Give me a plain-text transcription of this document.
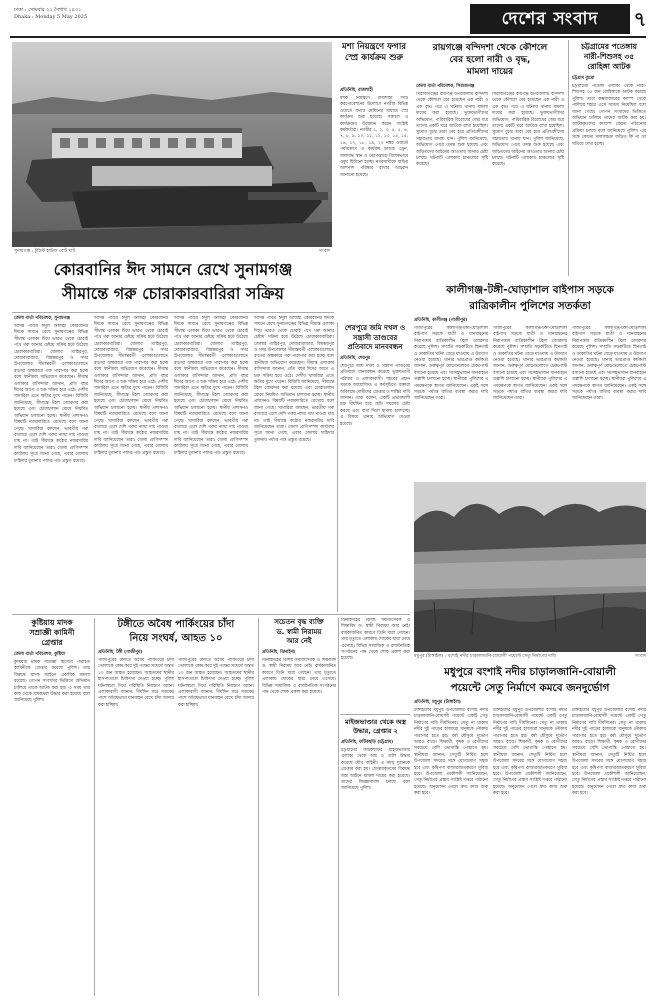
ঢাকা : সোমবার ২২ বৈশাখ ১৪৩২
Dhaka : Monday 5 May 2025	দেশের সংবাদ	৭
সুনামগঞ্জ : টুরিস্ট হাউজ বোট ঘাট	সংবাদ
মশা নিয়ন্ত্রণে ফগার স্প্রে কার্যক্রম শুরু
প্রতিনিধি, রাজশাহী
মশক নিয়ন্ত্রণে রাজশাহী সিটি করপোরেশনের উদ্যোগে নগরীর বিভিন্ন ওয়ার্ডে ফগার মেশিনের মাধ্যমে স্প্রে কার্যক্রম শুরু হয়েছে। সকালে এ কার্যক্রমের উদ্বোধন করেন সংশ্লিষ্ট কর্মকর্তারা। নগরীর ১, ২, ৩, ৪, ৫, ৬, ৭, ৮, ৯, ১০, ১১, ১২, ১৩, ১৪, ১৫, ১৬, ১৭, ১৮, ১৯, ২০ নম্বর ওয়ার্ডে পর্যায়ক্রমে এ কার্যক্রম চলবে। ড্রেন, জলাবদ্ধ স্থান ও ঝোপঝাড়ে বিশেষভাবে ওষুধ ছিটানো হচ্ছে। নগরবাসীকে বাড়ির আশপাশ পরিষ্কার রাখার আহ্বান জানানো হয়েছে।
রায়গঞ্জে বন্দিদশা থেকে কৌশলে
বের হলো নারী ও বৃদ্ধ,
মামলা দায়ের
জেলা বার্তা পরিবেশক, সিরাজগঞ্জ
সিরাজগঞ্জের রায়গঞ্জ উপজেলায় বন্দিদশা থেকে কৌশলে বের হয়েছেন এক নারী ও এক বৃদ্ধ। পরে এ ঘটনায় থানায় মামলা দায়ের করা হয়েছে। ভুক্তভোগীদের অভিযোগ, পারিবারিক বিরোধের জের ধরে তাদের একটি ঘরে আটকে রাখা হয়েছিল। সুযোগ বুঝে তারা বের হয়ে প্রতিবেশীদের সহায়তায় থানায় যান। পুলিশ জানিয়েছে, অভিযোগ পেয়ে তদন্ত শুরু হয়েছে এবং জড়িতদের আইনের আওতায় আনার চেষ্টা চলছে। ঘটনাটি এলাকায় চাঞ্চল্যের সৃষ্টি করেছে।
সিরাজগঞ্জের রায়গঞ্জ উপজেলায় বন্দিদশা থেকে কৌশলে বের হয়েছেন এক নারী ও এক বৃদ্ধ। পরে এ ঘটনায় থানায় মামলা দায়ের করা হয়েছে। ভুক্তভোগীদের অভিযোগ, পারিবারিক বিরোধের জের ধরে তাদের একটি ঘরে আটকে রাখা হয়েছিল। সুযোগ বুঝে তারা বের হয়ে প্রতিবেশীদের সহায়তায় থানায় যান। পুলিশ জানিয়েছে, অভিযোগ পেয়ে তদন্ত শুরু হয়েছে এবং জড়িতদের আইনের আওতায় আনার চেষ্টা চলছে। ঘটনাটি এলাকায় চাঞ্চল্যের সৃষ্টি করেছে।
চট্টগ্রামের পতেঙ্গায়
নারী-শিশুসহ ৩৫
রোহিঙ্গা আটক
চট্টগ্রাম ব্যুরো
চট্টগ্রামের পতেঙ্গা এলাকা থেকে নারী-শিশুসহ ৩৫ জন রোহিঙ্গাকে আটক করেছে পুলিশ। তারা কক্সবাজারের ক্যাম্প থেকে পালিয়ে শহরে এসে আশ্রয় নিয়েছিল বলে জানা গেছে। গোপন সংবাদের ভিত্তিতে অভিযান চালিয়ে তাদের আটক করা হয়। আটককৃতদের ক্যাম্পে ফেরত পাঠানোর প্রক্রিয়া চলছে বলে জানিয়েছে পুলিশ। এর সঙ্গে কোনো দালালচক্র জড়িত কি না তা খতিয়ে দেখা হচ্ছে।
কোরবানির ঈদ সামনে রেখে সুনামগঞ্জ
সীমান্তে গরু চোরাকারবারিরা সক্রিয়
জেলা বার্তা পরিবেশক, সুনামগঞ্জ
আসন্ন পবিত্র ঈদুল আজহা কোরবানির ঈদকে সামনে রেখে সুনামগঞ্জের বিভিন্ন সীমান্ত এলাকা দিয়ে ভারত থেকে চোরাই পথে গরু আনার চেষ্টায় সক্রিয় হয়ে উঠেছে চোরাকারবারিরা। জেলার তাহিরপুর, দোয়ারাবাজার, বিশ্বম্ভরপুর ও সদর উপজেলার সীমান্তবর্তী এলাকাগুলোতে রাতের অন্ধকারে গরু পারাপার করা হচ্ছে বলে স্থানীয়রা অভিযোগ করেছেন। সীমান্ত এলাকার বাসিন্দারা জানান, প্রতি বছর ঈদের আগে এ চক্র সক্রিয় হয়ে ওঠে। দেশীয় খামারিরা এতে ক্ষতির মুখে পড়েন। বিজিবি জানিয়েছে, সীমান্তে টহল জোরদার করা হয়েছে এবং চোরাচালান রোধে নিয়মিত অভিযান চালানো হচ্ছে। স্থানীয় প্রশাসনও বিষয়টি নজরদারিতে রেখেছে বলে জানা গেছে। খামারিরা বলছেন, ভারতীয় গরু বাজারে এলে দেশি গরুর ন্যায্য দাম পাওয়া যায় না। তাই সীমান্তে কঠোর নজরদারির দাবি জানিয়েছেন তারা। জেলা প্রাণিসম্পদ কার্যালয় সূত্রে জানা গেছে, এবার জেলায় চাহিদার তুলনায় পর্যাপ্ত পশু প্রস্তুত রয়েছে।
আসন্ন পবিত্র ঈদুল আজহা কোরবানির ঈদকে সামনে রেখে সুনামগঞ্জের বিভিন্ন সীমান্ত এলাকা দিয়ে ভারত থেকে চোরাই পথে গরু আনার চেষ্টায় সক্রিয় হয়ে উঠেছে চোরাকারবারিরা। জেলার তাহিরপুর, দোয়ারাবাজার, বিশ্বম্ভরপুর ও সদর উপজেলার সীমান্তবর্তী এলাকাগুলোতে রাতের অন্ধকারে গরু পারাপার করা হচ্ছে বলে স্থানীয়রা অভিযোগ করেছেন। সীমান্ত এলাকার বাসিন্দারা জানান, প্রতি বছর ঈদের আগে এ চক্র সক্রিয় হয়ে ওঠে। দেশীয় খামারিরা এতে ক্ষতির মুখে পড়েন। বিজিবি জানিয়েছে, সীমান্তে টহল জোরদার করা হয়েছে এবং চোরাচালান রোধে নিয়মিত অভিযান চালানো হচ্ছে। স্থানীয় প্রশাসনও বিষয়টি নজরদারিতে রেখেছে বলে জানা গেছে। খামারিরা বলছেন, ভারতীয় গরু বাজারে এলে দেশি গরুর ন্যায্য দাম পাওয়া যায় না। তাই সীমান্তে কঠোর নজরদারির দাবি জানিয়েছেন তারা। জেলা প্রাণিসম্পদ কার্যালয় সূত্রে জানা গেছে, এবার জেলায় চাহিদার তুলনায় পর্যাপ্ত পশু প্রস্তুত রয়েছে।
আসন্ন পবিত্র ঈদুল আজহা কোরবানির ঈদকে সামনে রেখে সুনামগঞ্জের বিভিন্ন সীমান্ত এলাকা দিয়ে ভারত থেকে চোরাই পথে গরু আনার চেষ্টায় সক্রিয় হয়ে উঠেছে চোরাকারবারিরা। জেলার তাহিরপুর, দোয়ারাবাজার, বিশ্বম্ভরপুর ও সদর উপজেলার সীমান্তবর্তী এলাকাগুলোতে রাতের অন্ধকারে গরু পারাপার করা হচ্ছে বলে স্থানীয়রা অভিযোগ করেছেন। সীমান্ত এলাকার বাসিন্দারা জানান, প্রতি বছর ঈদের আগে এ চক্র সক্রিয় হয়ে ওঠে। দেশীয় খামারিরা এতে ক্ষতির মুখে পড়েন। বিজিবি জানিয়েছে, সীমান্তে টহল জোরদার করা হয়েছে এবং চোরাচালান রোধে নিয়মিত অভিযান চালানো হচ্ছে। স্থানীয় প্রশাসনও বিষয়টি নজরদারিতে রেখেছে বলে জানা গেছে। খামারিরা বলছেন, ভারতীয় গরু বাজারে এলে দেশি গরুর ন্যায্য দাম পাওয়া যায় না। তাই সীমান্তে কঠোর নজরদারির দাবি জানিয়েছেন তারা। জেলা প্রাণিসম্পদ কার্যালয় সূত্রে জানা গেছে, এবার জেলায় চাহিদার তুলনায় পর্যাপ্ত পশু প্রস্তুত রয়েছে।
আসন্ন পবিত্র ঈদুল আজহা কোরবানির ঈদকে সামনে রেখে সুনামগঞ্জের বিভিন্ন সীমান্ত এলাকা দিয়ে ভারত থেকে চোরাই পথে গরু আনার চেষ্টায় সক্রিয় হয়ে উঠেছে চোরাকারবারিরা। জেলার তাহিরপুর, দোয়ারাবাজার, বিশ্বম্ভরপুর ও সদর উপজেলার সীমান্তবর্তী এলাকাগুলোতে রাতের অন্ধকারে গরু পারাপার করা হচ্ছে বলে স্থানীয়রা অভিযোগ করেছেন। সীমান্ত এলাকার বাসিন্দারা জানান, প্রতি বছর ঈদের আগে এ চক্র সক্রিয় হয়ে ওঠে। দেশীয় খামারিরা এতে ক্ষতির মুখে পড়েন। বিজিবি জানিয়েছে, সীমান্তে টহল জোরদার করা হয়েছে এবং চোরাচালান রোধে নিয়মিত অভিযান চালানো হচ্ছে। স্থানীয় প্রশাসনও বিষয়টি নজরদারিতে রেখেছে বলে জানা গেছে। খামারিরা বলছেন, ভারতীয় গরু বাজারে এলে দেশি গরুর ন্যায্য দাম পাওয়া যায় না। তাই সীমান্তে কঠোর নজরদারির দাবি জানিয়েছেন তারা। জেলা প্রাণিসম্পদ কার্যালয় সূত্রে জানা গেছে, এবার জেলায় চাহিদার তুলনায় পর্যাপ্ত পশু প্রস্তুত রয়েছে।
শেরপুরে জমি দখল ও
সন্ত্রাসী তাণ্ডবের
প্রতিবাদে মানববন্ধন
প্রতিনিধি, শেরপুর
শেরপুরে জমি দখল ও সন্ত্রাসী তাণ্ডবের প্রতিবাদে মানববন্ধন করেছে ভুক্তভোগী পরিবার ও এলাকাবাসী। শহরের প্রধান সড়কে আয়োজিত এ কর্মসূচিতে বক্তারা অবিলম্বে দোষীদের গ্রেপ্তার ও শাস্তির দাবি জানান। তারা বলেন, একটি প্রভাবশালী চক্র দীর্ঘদিন ধরে জমি দখলের চেষ্টা করছে এবং বাধা দিলে হামলা চালাচ্ছে। এ বিষয়ে থানায় অভিযোগ দেওয়া হয়েছে।
কালীগঞ্জ-টঙ্গী-ঘোড়াশাল বাইপাস সড়কে
রাত্রিকালীন পুলিশের সতর্কতা
প্রতিনিধি, কালীগঞ্জ (গাজীপুর)
গাজীপুরের কালীগঞ্জ-টঙ্গী-ঘোড়াশাল বাইপাস সড়কে যাত্রী ও যানবাহনের নিরাপত্তায় রাত্রিকালীন টহল জোরদার করেছে পুলিশ। সম্প্রতি সড়কটিতে ছিনতাই ও ডাকাতির ঘটনা বেড়ে যাওয়ায় এ উদ্যোগ নেওয়া হয়েছে। থানার ভারপ্রাপ্ত কর্মকর্তা জানান, গুরুত্বপূর্ণ মোড়গুলোতে চেকপোস্ট বসানো হয়েছে এবং সন্দেহভাজন যানবাহনে তল্লাশি চালানো হচ্ছে। স্থানীয়রা পুলিশের এ পদক্ষেপকে স্বাগত জানিয়েছেন। একই সঙ্গে সড়কে পর্যাপ্ত বাতির ব্যবস্থা করার দাবি জানিয়েছেন তারা।
গাজীপুরের কালীগঞ্জ-টঙ্গী-ঘোড়াশাল বাইপাস সড়কে যাত্রী ও যানবাহনের নিরাপত্তায় রাত্রিকালীন টহল জোরদার করেছে পুলিশ। সম্প্রতি সড়কটিতে ছিনতাই ও ডাকাতির ঘটনা বেড়ে যাওয়ায় এ উদ্যোগ নেওয়া হয়েছে। থানার ভারপ্রাপ্ত কর্মকর্তা জানান, গুরুত্বপূর্ণ মোড়গুলোতে চেকপোস্ট বসানো হয়েছে এবং সন্দেহভাজন যানবাহনে তল্লাশি চালানো হচ্ছে। স্থানীয়রা পুলিশের এ পদক্ষেপকে স্বাগত জানিয়েছেন। একই সঙ্গে সড়কে পর্যাপ্ত বাতির ব্যবস্থা করার দাবি জানিয়েছেন তারা।
গাজীপুরের কালীগঞ্জ-টঙ্গী-ঘোড়াশাল বাইপাস সড়কে যাত্রী ও যানবাহনের নিরাপত্তায় রাত্রিকালীন টহল জোরদার করেছে পুলিশ। সম্প্রতি সড়কটিতে ছিনতাই ও ডাকাতির ঘটনা বেড়ে যাওয়ায় এ উদ্যোগ নেওয়া হয়েছে। থানার ভারপ্রাপ্ত কর্মকর্তা জানান, গুরুত্বপূর্ণ মোড়গুলোতে চেকপোস্ট বসানো হয়েছে এবং সন্দেহভাজন যানবাহনে তল্লাশি চালানো হচ্ছে। স্থানীয়রা পুলিশের এ পদক্ষেপকে স্বাগত জানিয়েছেন। একই সঙ্গে সড়কে পর্যাপ্ত বাতির ব্যবস্থা করার দাবি জানিয়েছেন তারা।
মধুপুর (টাঙ্গাইল) : বংশাই নদীর চাড়ালজানি-বোয়ালী পয়েন্টে সেতু নির্মাণের দাবি	সংবাদ
মধুপুরে বংশাই নদীর চাড়ালজানি-বোয়ালী
পয়েন্টে সেতু নির্মাণে কমবে জনদুর্ভোগ
প্রতিনিধি, মধুপুর (টাঙ্গাইল)
টাঙ্গাইলের মধুপুর উপজেলার বংশাই নদীর চাড়ালজানি-বোয়ালী পয়েন্টে একটি সেতু নির্মাণের দাবি দীর্ঘদিনের। সেতু না থাকায় নদীর দুই পাড়ের হাজারো মানুষকে নৌকায় পারাপার হতে হয়। বর্ষা মৌসুমে দুর্ভোগ আরও বাড়ে। শিক্ষার্থী, কৃষক ও রোগীদের সবচেয়ে বেশি ভোগান্তি পোহাতে হয়। স্থানীয়রা জানান, সেতুটি নির্মিত হলে উপজেলা সদরের সঙ্গে যোগাযোগ সহজ হবে এবং কৃষিপণ্য বাজারজাতকরণে সুবিধা হবে। উপজেলা প্রকৌশলী জানিয়েছেন, সেতু নির্মাণের প্রস্তাব সংশ্লিষ্ট দপ্তরে পাঠানো হয়েছে। অনুমোদন পেলে দ্রুত কাজ শুরু করা হবে।
টাঙ্গাইলের মধুপুর উপজেলার বংশাই নদীর চাড়ালজানি-বোয়ালী পয়েন্টে একটি সেতু নির্মাণের দাবি দীর্ঘদিনের। সেতু না থাকায় নদীর দুই পাড়ের হাজারো মানুষকে নৌকায় পারাপার হতে হয়। বর্ষা মৌসুমে দুর্ভোগ আরও বাড়ে। শিক্ষার্থী, কৃষক ও রোগীদের সবচেয়ে বেশি ভোগান্তি পোহাতে হয়। স্থানীয়রা জানান, সেতুটি নির্মিত হলে উপজেলা সদরের সঙ্গে যোগাযোগ সহজ হবে এবং কৃষিপণ্য বাজারজাতকরণে সুবিধা হবে। উপজেলা প্রকৌশলী জানিয়েছেন, সেতু নির্মাণের প্রস্তাব সংশ্লিষ্ট দপ্তরে পাঠানো হয়েছে। অনুমোদন পেলে দ্রুত কাজ শুরু করা হবে।
টাঙ্গাইলের মধুপুর উপজেলার বংশাই নদীর চাড়ালজানি-বোয়ালী পয়েন্টে একটি সেতু নির্মাণের দাবি দীর্ঘদিনের। সেতু না থাকায় নদীর দুই পাড়ের হাজারো মানুষকে নৌকায় পারাপার হতে হয়। বর্ষা মৌসুমে দুর্ভোগ আরও বাড়ে। শিক্ষার্থী, কৃষক ও রোগীদের সবচেয়ে বেশি ভোগান্তি পোহাতে হয়। স্থানীয়রা জানান, সেতুটি নির্মিত হলে উপজেলা সদরের সঙ্গে যোগাযোগ সহজ হবে এবং কৃষিপণ্য বাজারজাতকরণে সুবিধা হবে। উপজেলা প্রকৌশলী জানিয়েছেন, সেতু নির্মাণের প্রস্তাব সংশ্লিষ্ট দপ্তরে পাঠানো হয়েছে। অনুমোদন পেলে দ্রুত কাজ শুরু করা হবে।
কুষ্টিয়ায় মাদক
সম্রাজ্ঞী কামিনী
গ্রেপ্তার
জেলা বার্তা পরিবেশক, কুষ্টিয়া
কুষ্টিয়ায় মাদক সম্রাজ্ঞী হিসেবে পরিচিত কামিনীকে গ্রেপ্তার করেছে পুলিশ। তার বিরুদ্ধে মাদক আইনে একাধিক মামলা রয়েছে। গোপন সংবাদের ভিত্তিতে অভিযান চালিয়ে তাকে আটক করা হয়। এ সময় তার কাছ থেকে মাদকদ্রব্য উদ্ধার করা হয়েছে বলে জানিয়েছে পুলিশ।
টঙ্গীতে অবৈধ পার্কিংয়ের চাঁদা
নিয়ে সংঘর্ষ, আহত ১০
প্রতিনিধি, টঙ্গী (গাজীপুর)
গাজীপুরের টঙ্গীতে অবৈধ পার্কিংয়ের চাঁদা তোলাকে কেন্দ্র করে দুই পক্ষের সংঘর্ষে অন্তত ১০ জন আহত হয়েছেন। আহতদের স্থানীয় হাসপাতালে চিকিৎসা দেওয়া হচ্ছে। পুলিশ ঘটনাস্থলে গিয়ে পরিস্থিতি নিয়ন্ত্রণে আনে। এলাকাবাসী জানান, দীর্ঘদিন ধরে সড়কের পাশে অবৈধভাবে যানবাহন রেখে চাঁদা আদায় করা হচ্ছিল।
গাজীপুরের টঙ্গীতে অবৈধ পার্কিংয়ের চাঁদা তোলাকে কেন্দ্র করে দুই পক্ষের সংঘর্ষে অন্তত ১০ জন আহত হয়েছেন। আহতদের স্থানীয় হাসপাতালে চিকিৎসা দেওয়া হচ্ছে। পুলিশ ঘটনাস্থলে গিয়ে পরিস্থিতি নিয়ন্ত্রণে আনে। এলাকাবাসী জানান, দীর্ঘদিন ধরে সড়কের পাশে অবৈধভাবে যানবাহন রেখে চাঁদা আদায় করা হচ্ছিল।
সচেতন বৃদ্ধ ব্যক্তি
ড. স্বামী নিরাময়
আর নেই
প্রতিনিধি, ঝিনাইদহ
ঝিনাইদহের বিশিষ্ট সমাজসেবক ও শিক্ষাবিদ ড. স্বামী নিরাময় আর নেই। বার্ধক্যজনিত কারণে তিনি মারা গেছেন। তার মৃত্যুতে এলাকায় শোকের ছায়া নেমে এসেছে। বিভিন্ন সামাজিক ও রাজনৈতিক সংগঠনের পক্ষ থেকে শোক প্রকাশ করা হয়েছে।
ঝিনাইদহের বিশিষ্ট সমাজসেবক ও শিক্ষাবিদ ড. স্বামী নিরাময় আর নেই। বার্ধক্যজনিত কারণে তিনি মারা গেছেন। তার মৃত্যুতে এলাকায় শোকের ছায়া নেমে এসেছে। বিভিন্ন সামাজিক ও রাজনৈতিক সংগঠনের পক্ষ থেকে শোক প্রকাশ করা হয়েছে।
মাইজভাণ্ডার থেকে অস্ত্র
উদ্ধার, গ্রেপ্তার ২
প্রতিনিধি, ফটিকছড়ি (চট্টগ্রাম)
চট্টগ্রামের ফটিকছড়ির মাইজভাণ্ডার এলাকা থেকে অস্ত্র ও গুলি উদ্ধার করেছে যৌথ বাহিনী। এ সময় দুজনকে গ্রেপ্তার করা হয়। গ্রেপ্তারকৃতদের বিরুদ্ধে অস্ত্র আইনে মামলা দায়ের করা হয়েছে। তাদের জিজ্ঞাসাবাদ চলছে বলে জানিয়েছে পুলিশ।
